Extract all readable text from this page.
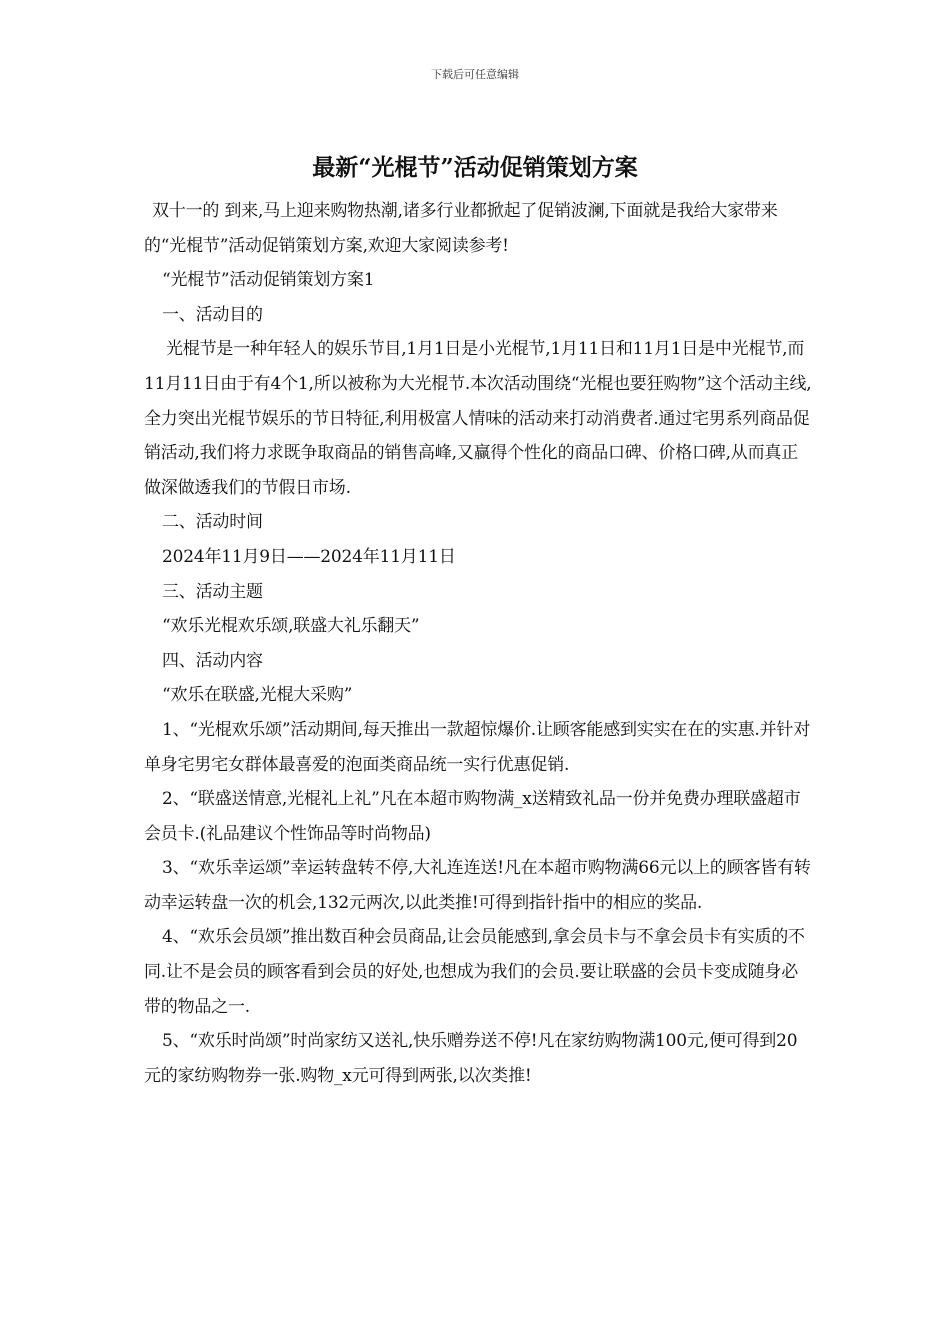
下载后可任意编辑
最新“光棍节”活动促销策划方案

双十一的 到来,马上迎来购物热潮,诸多行业都掀起了促销波澜,下面就是我给大家带来的“光棍节”活动促销策划方案,欢迎大家阅读参考!

“光棍节”活动促销策划方案1

一、活动目的

光棍节是一种年轻人的娱乐节目,1月1日是小光棍节,1月11日和11月1日是中光棍节,而11月11日由于有4个1,所以被称为大光棍节.本次活动围绕“光棍也要狂购物”这个活动主线,全力突出光棍节娱乐的节日特征,利用极富人情味的活动来打动消费者.通过宅男系列商品促销活动,我们将力求既争取商品的销售高峰,又赢得个性化的商品口碑、价格口碑,从而真正做深做透我们的节假日市场.

二、活动时间

2024年11月9日——2024年11月11日

三、活动主题

“欢乐光棍欢乐颂,联盛大礼乐翻天”

四、活动内容

“欢乐在联盛,光棍大采购”

1、“光棍欢乐颂”活动期间,每天推出一款超惊爆价.让顾客能感到实实在在的实惠.并针对单身宅男宅女群体最喜爱的泡面类商品统一实行优惠促销.

2、“联盛送情意,光棍礼上礼”凡在本超市购物满_x送精致礼品一份并免费办理联盛超市会员卡.(礼品建议个性饰品等时尚物品)

3、“欢乐幸运颂”幸运转盘转不停,大礼连连送!凡在本超市购物满66元以上的顾客皆有转动幸运转盘一次的机会,132元两次,以此类推!可得到指针指中的相应的奖品.

4、“欢乐会员颂”推出数百种会员商品,让会员能感到,拿会员卡与不拿会员卡有实质的不同.让不是会员的顾客看到会员的好处,也想成为我们的会员.要让联盛的会员卡变成随身必带的物品之一.

5、“欢乐时尚颂”时尚家纺又送礼,快乐赠券送不停!凡在家纺购物满100元,便可得到20元的家纺购物券一张.购物_x元可得到两张,以次类推!
